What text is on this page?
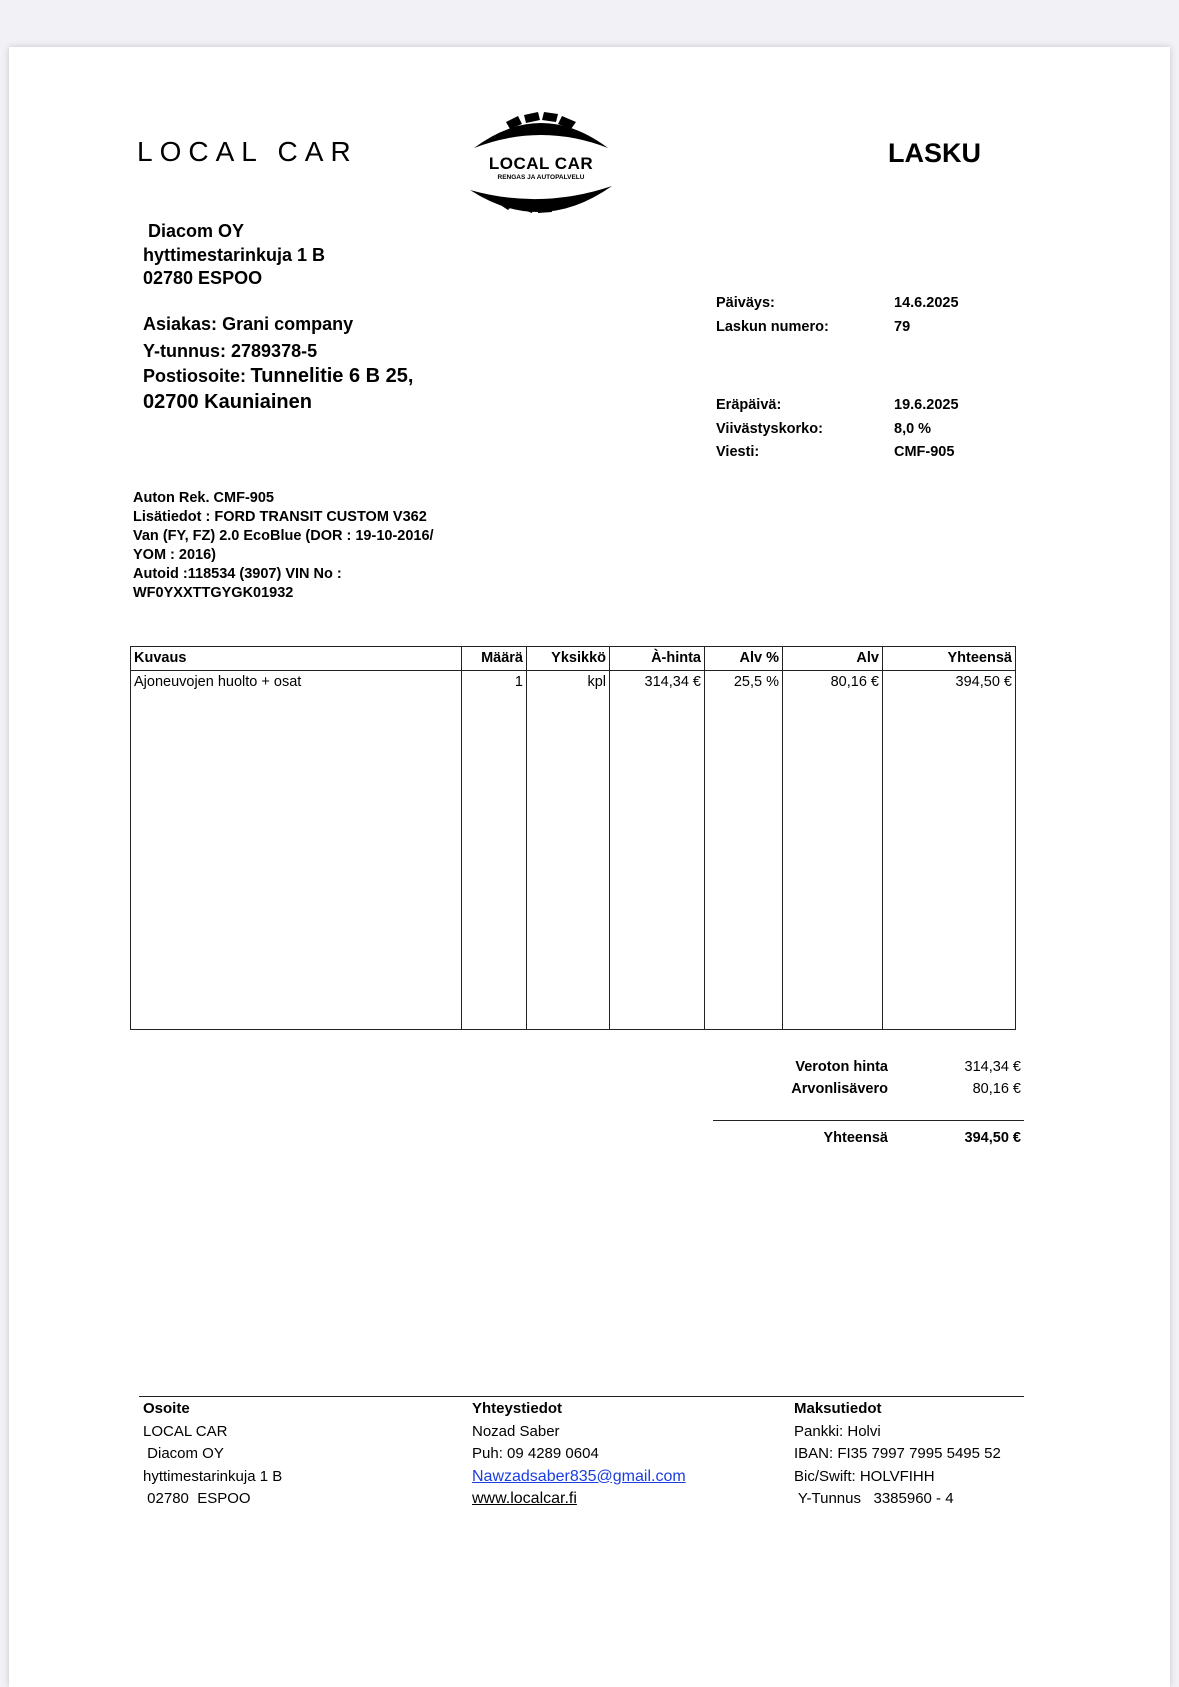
LOCAL CAR
Diacom OY
hyttimestarinkuja 1 B
02780 ESPOO
LOCAL CAR
RENGAS JA AUTOPALVELU
LASKU
Asiakas: Grani company
Y-tunnus: 2789378-5
Postiosoite: Tunnelitie 6 B 25,
02700 Kauniainen
Päiväys:	14.6.2025
Laskun numero:	79
Eräpäivä:	19.6.2025
Viivästyskorko:	8,0 %
Viesti:	CMF-905
Auton Rek. CMF-905
Lisätiedot : FORD TRANSIT CUSTOM V362
Van (FY, FZ) 2.0 EcoBlue (DOR : 19-10-2016/
YOM : 2016)
Autoid :118534 (3907) VIN No :
WF0YXXTTGYGK01932
Kuvaus	Määrä	Yksikkö	À-hinta	Alv %	Alv	Yhteensä
Ajoneuvojen huolto + osat	1	kpl	314,34 €	25,5 %	80,16 €	394,50 €
Veroton hinta	314,34 €
Arvonlisävero	80,16 €
Yhteensä	394,50 €
Osoite
LOCAL CAR
Diacom OY
hyttimestarinkuja 1 B
02780  ESPOO
Yhteystiedot
Nozad Saber
Puh: 09 4289 0604
Nawzadsaber835@gmail.com
www.localcar.fi
Maksutiedot
Pankki: Holvi
IBAN: FI35 7997 7995 5495 52
Bic/Swift: HOLVFIHH
Y-Tunnus   3385960 - 4
